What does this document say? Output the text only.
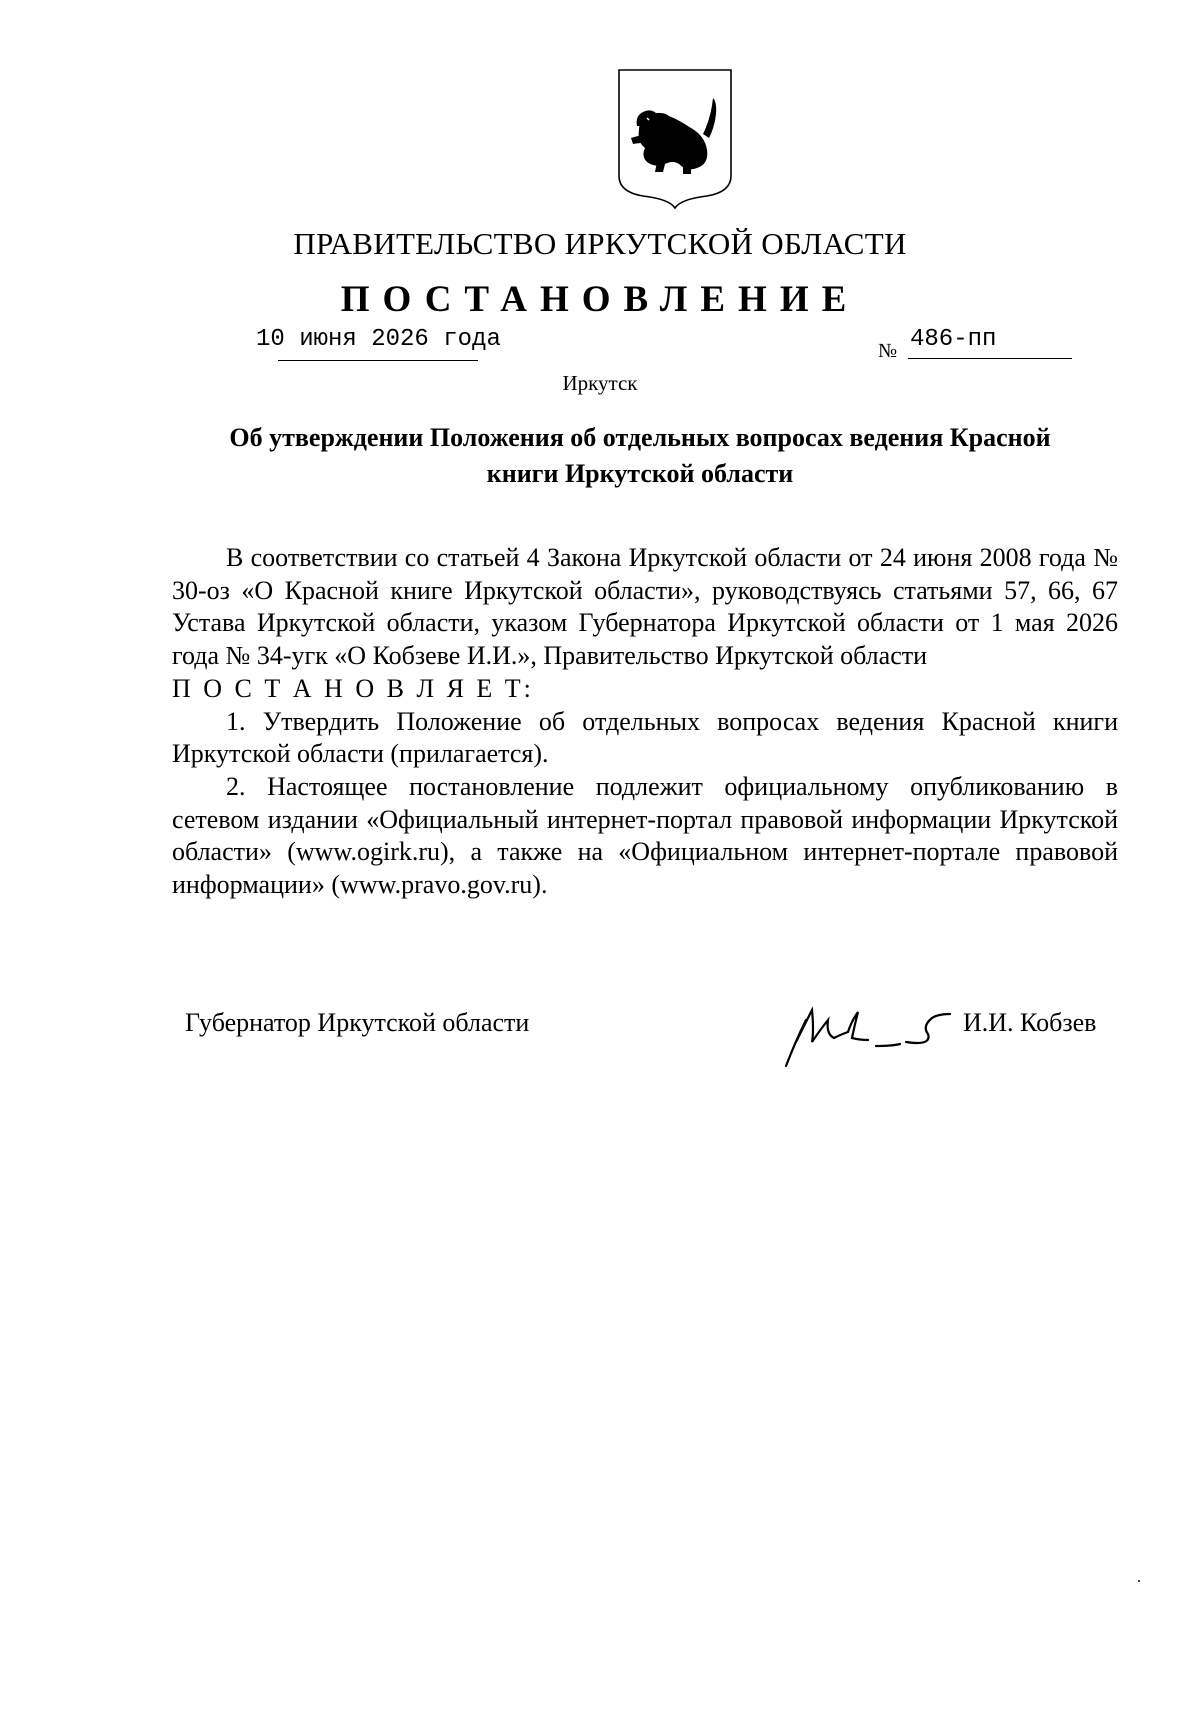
ПРАВИТЕЛЬСТВО ИРКУТСКОЙ ОБЛАСТИ
ПОСТАНОВЛЕНИЕ
10 июня 2026 года	№ 486-пп
Иркутск
Об утверждении Положения об отдельных вопросах ведения Красной
книги Иркутской области

В соответствии со статьей 4 Закона Иркутской области от 24 июня 2008 года № 30-оз «О Красной книге Иркутской области», руководствуясь статьями 57, 66, 67 Устава Иркутской области, указом Губернатора Иркутской области от 1 мая 2026 года № 34-угк «О Кобзеве И.И.», Правительство Иркутской области

П О С Т А Н О В Л Я Е Т:

1. Утвердить Положение об отдельных вопросах ведения Красной книги Иркутской области (прилагается).

2. Настоящее постановление подлежит официальному опубликованию в сетевом издании «Официальный интернет-портал правовой информации Иркутской области» (www.ogirk.ru), а также на «Официальном интернет-портале правовой информации» (www.pravo.gov.ru).

Губернатор Иркутской области	И.И. Кобзев
